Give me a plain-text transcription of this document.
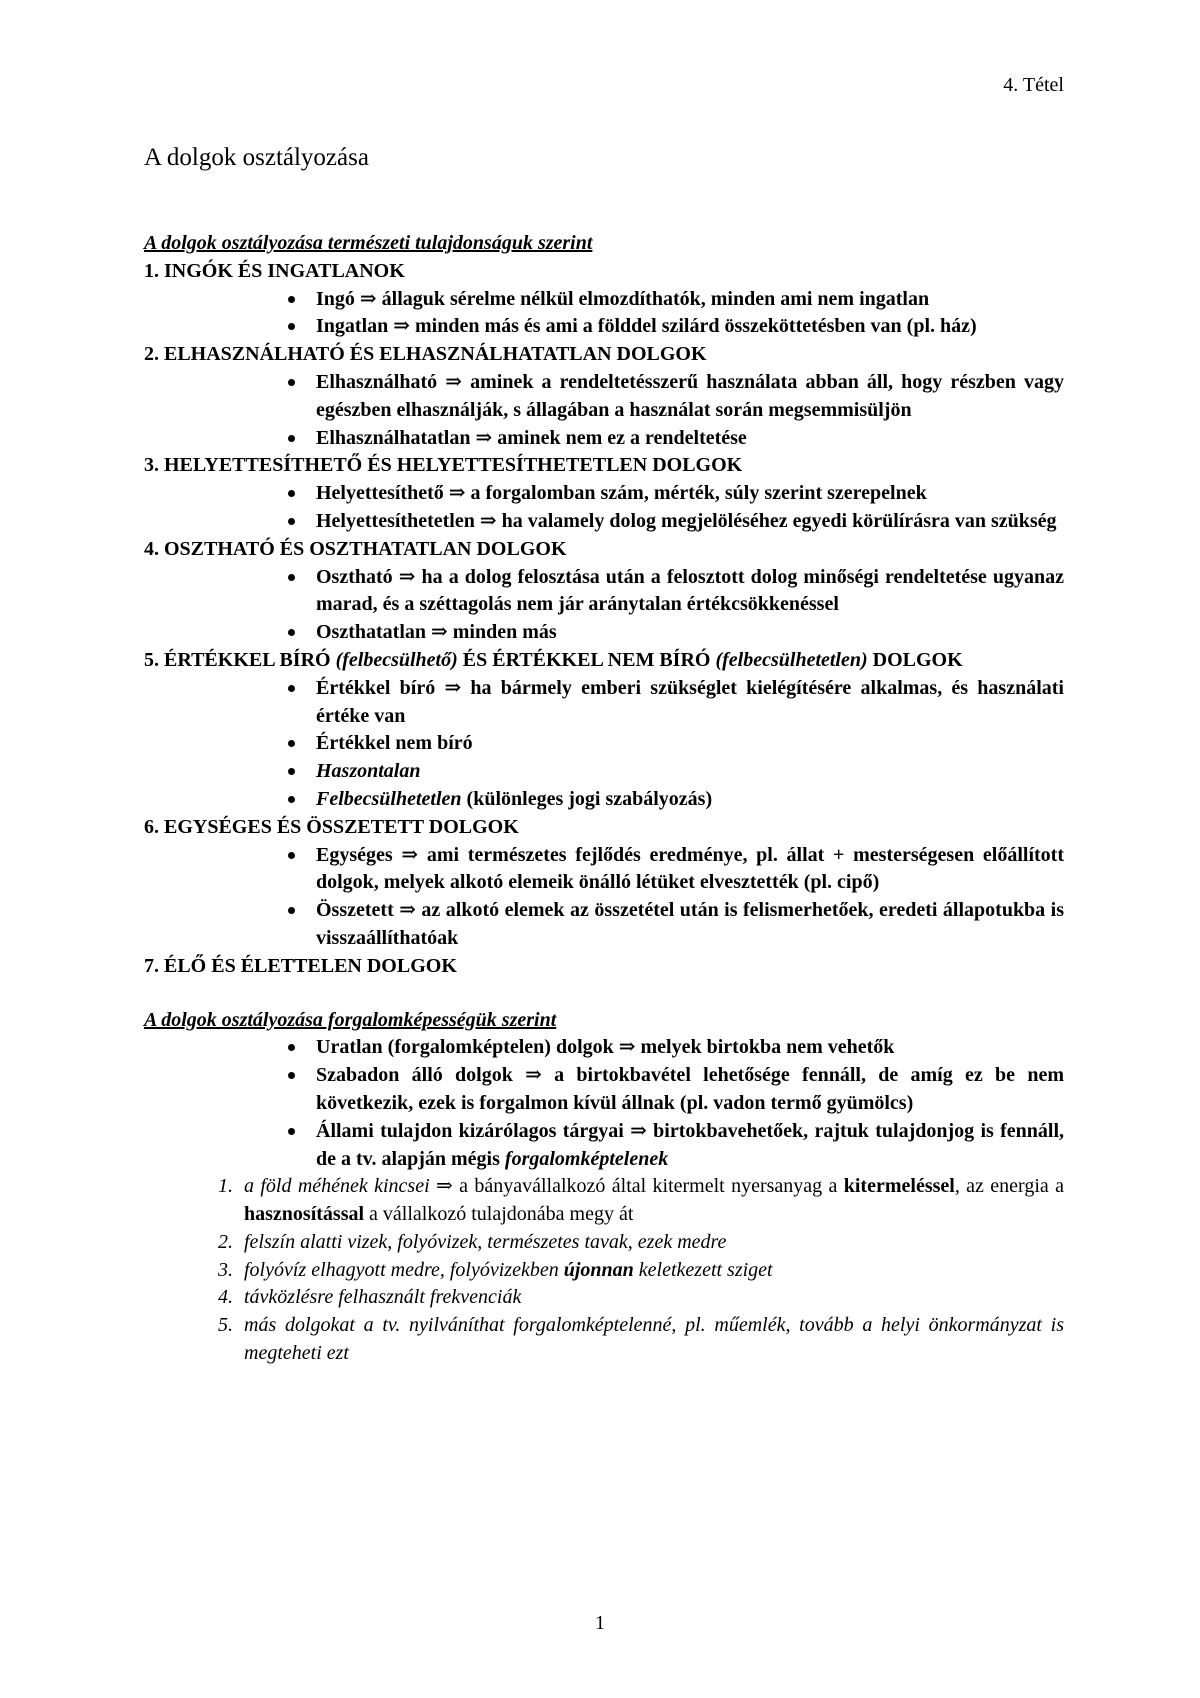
4. Tétel
A dolgok osztályozása
A dolgok osztályozása természeti tulajdonságuk szerint
1. INGÓK ÉS INGATLANOK
Ingó ⇒ állaguk sérelme nélkül elmozdíthatók, minden ami nem ingatlan
Ingatlan ⇒ minden más és ami a földdel szilárd összeköttetésben van (pl. ház)
2. ELHASZNÁLHATÓ ÉS ELHASZNÁLHATATLAN DOLGOK
Elhasználható ⇒ aminek a rendeltetésszerű használata abban áll, hogy részben vagy egészben elhasználják, s állagában a használat során megsemmisüljön
Elhasználhatatlan ⇒ aminek nem ez a rendeltetése
3. HELYETTESÍTHETŐ ÉS HELYETTESÍTHETETLEN DOLGOK
Helyettesíthető ⇒ a forgalomban szám, mérték, súly szerint szerepelnek
Helyettesíthetetlen ⇒ ha valamely dolog megjelöléséhez egyedi körülírásra van szükség
4. OSZTHATÓ ÉS OSZTHATATLAN DOLGOK
Osztható ⇒ ha a dolog felosztása után a felosztott dolog minőségi rendeltetése ugyanaz marad, és a széttagolás nem jár aránytalan értékcsökkenéssel
Oszthatatlan ⇒ minden más
5. ÉRTÉKKEL BÍRÓ (felbecsülhető) ÉS ÉRTÉKKEL NEM BÍRÓ (felbecsülhetetlen) DOLGOK
Értékkel bíró ⇒ ha bármely emberi szükséglet kielégítésére alkalmas, és használati értéke van
Értékkel nem bíró
Haszontalan
Felbecsülhetetlen (különleges jogi szabályozás)
6. EGYSÉGES ÉS ÖSSZETETT DOLGOK
Egységes ⇒ ami természetes fejlődés eredménye, pl. állat + mesterségesen előállított dolgok, melyek alkotó elemeik önálló létüket elvesztették (pl. cipő)
Összetett ⇒ az alkotó elemek az összetétel után is felismerhetőek, eredeti állapotukba is visszaállíthatóak
7. ÉLŐ ÉS ÉLETTELEN DOLGOK
A dolgok osztályozása forgalomképességük szerint
Uratlan (forgalomképtelen) dolgok ⇒ melyek birtokba nem vehetők
Szabadon álló dolgok ⇒ a birtokbavétel lehetősége fennáll, de amíg ez be nem következik, ezek is forgalmon kívül állnak (pl. vadon termő gyümölcs)
Állami tulajdon kizárólagos tárgyai ⇒ birtokbavehetőek, rajtuk tulajdonjog is fennáll, de a tv. alapján mégis forgalomképtelenek
1. a föld méhének kincsei ⇒ a bányavállalkozó által kitermelt nyersanyag a kitermeléssel, az energia a hasznosítással a vállalkozó tulajdonába megy át
2. felszín alatti vizek, folyóvizek, természetes tavak, ezek medre
3. folyóvíz elhagyott medre, folyóvizekben újonnan keletkezett sziget
4. távközlésre felhasznált frekvenciák
5. más dolgokat a tv. nyilváníthat forgalomképtelenné, pl. műemlék, tovább a helyi önkormányzat is megteheti ezt
1
